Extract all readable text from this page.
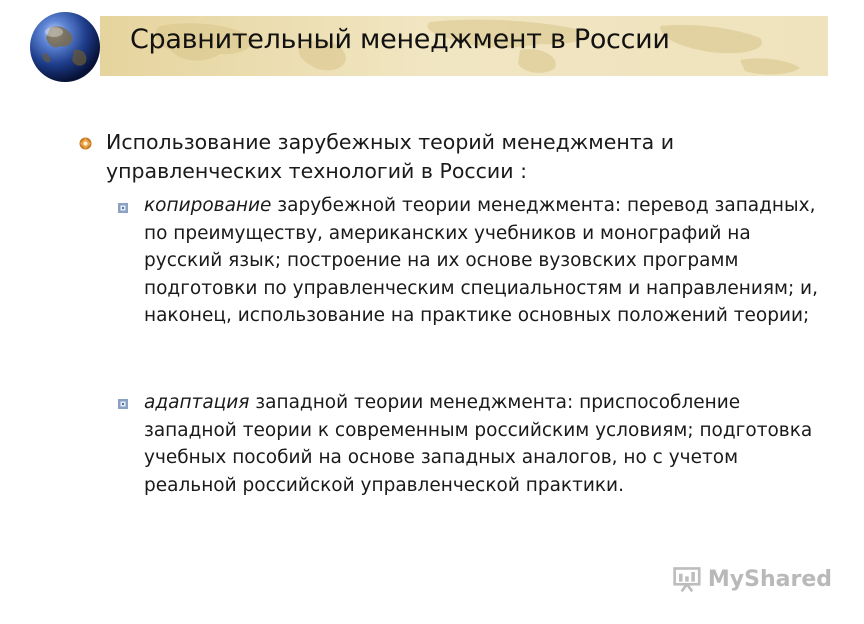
Сравнительный менеджмент в России
Использование зарубежных теорий менеджмента и управленческих технологий в России :
копирование зарубежной теории менеджмента: перевод западных, по преимуществу, американских учебников и монографий на русский язык; построение на их основе вузовских программ подготовки по управленческим специальностям и направлениям; и, наконец, использование на практике основных положений теории;
адаптация западной теории менеджмента: приспособление западной теории к современным российским условиям; подготовка учебных пособий на основе западных аналогов, но с учетом реальной российской управленческой практики.
MyShared
